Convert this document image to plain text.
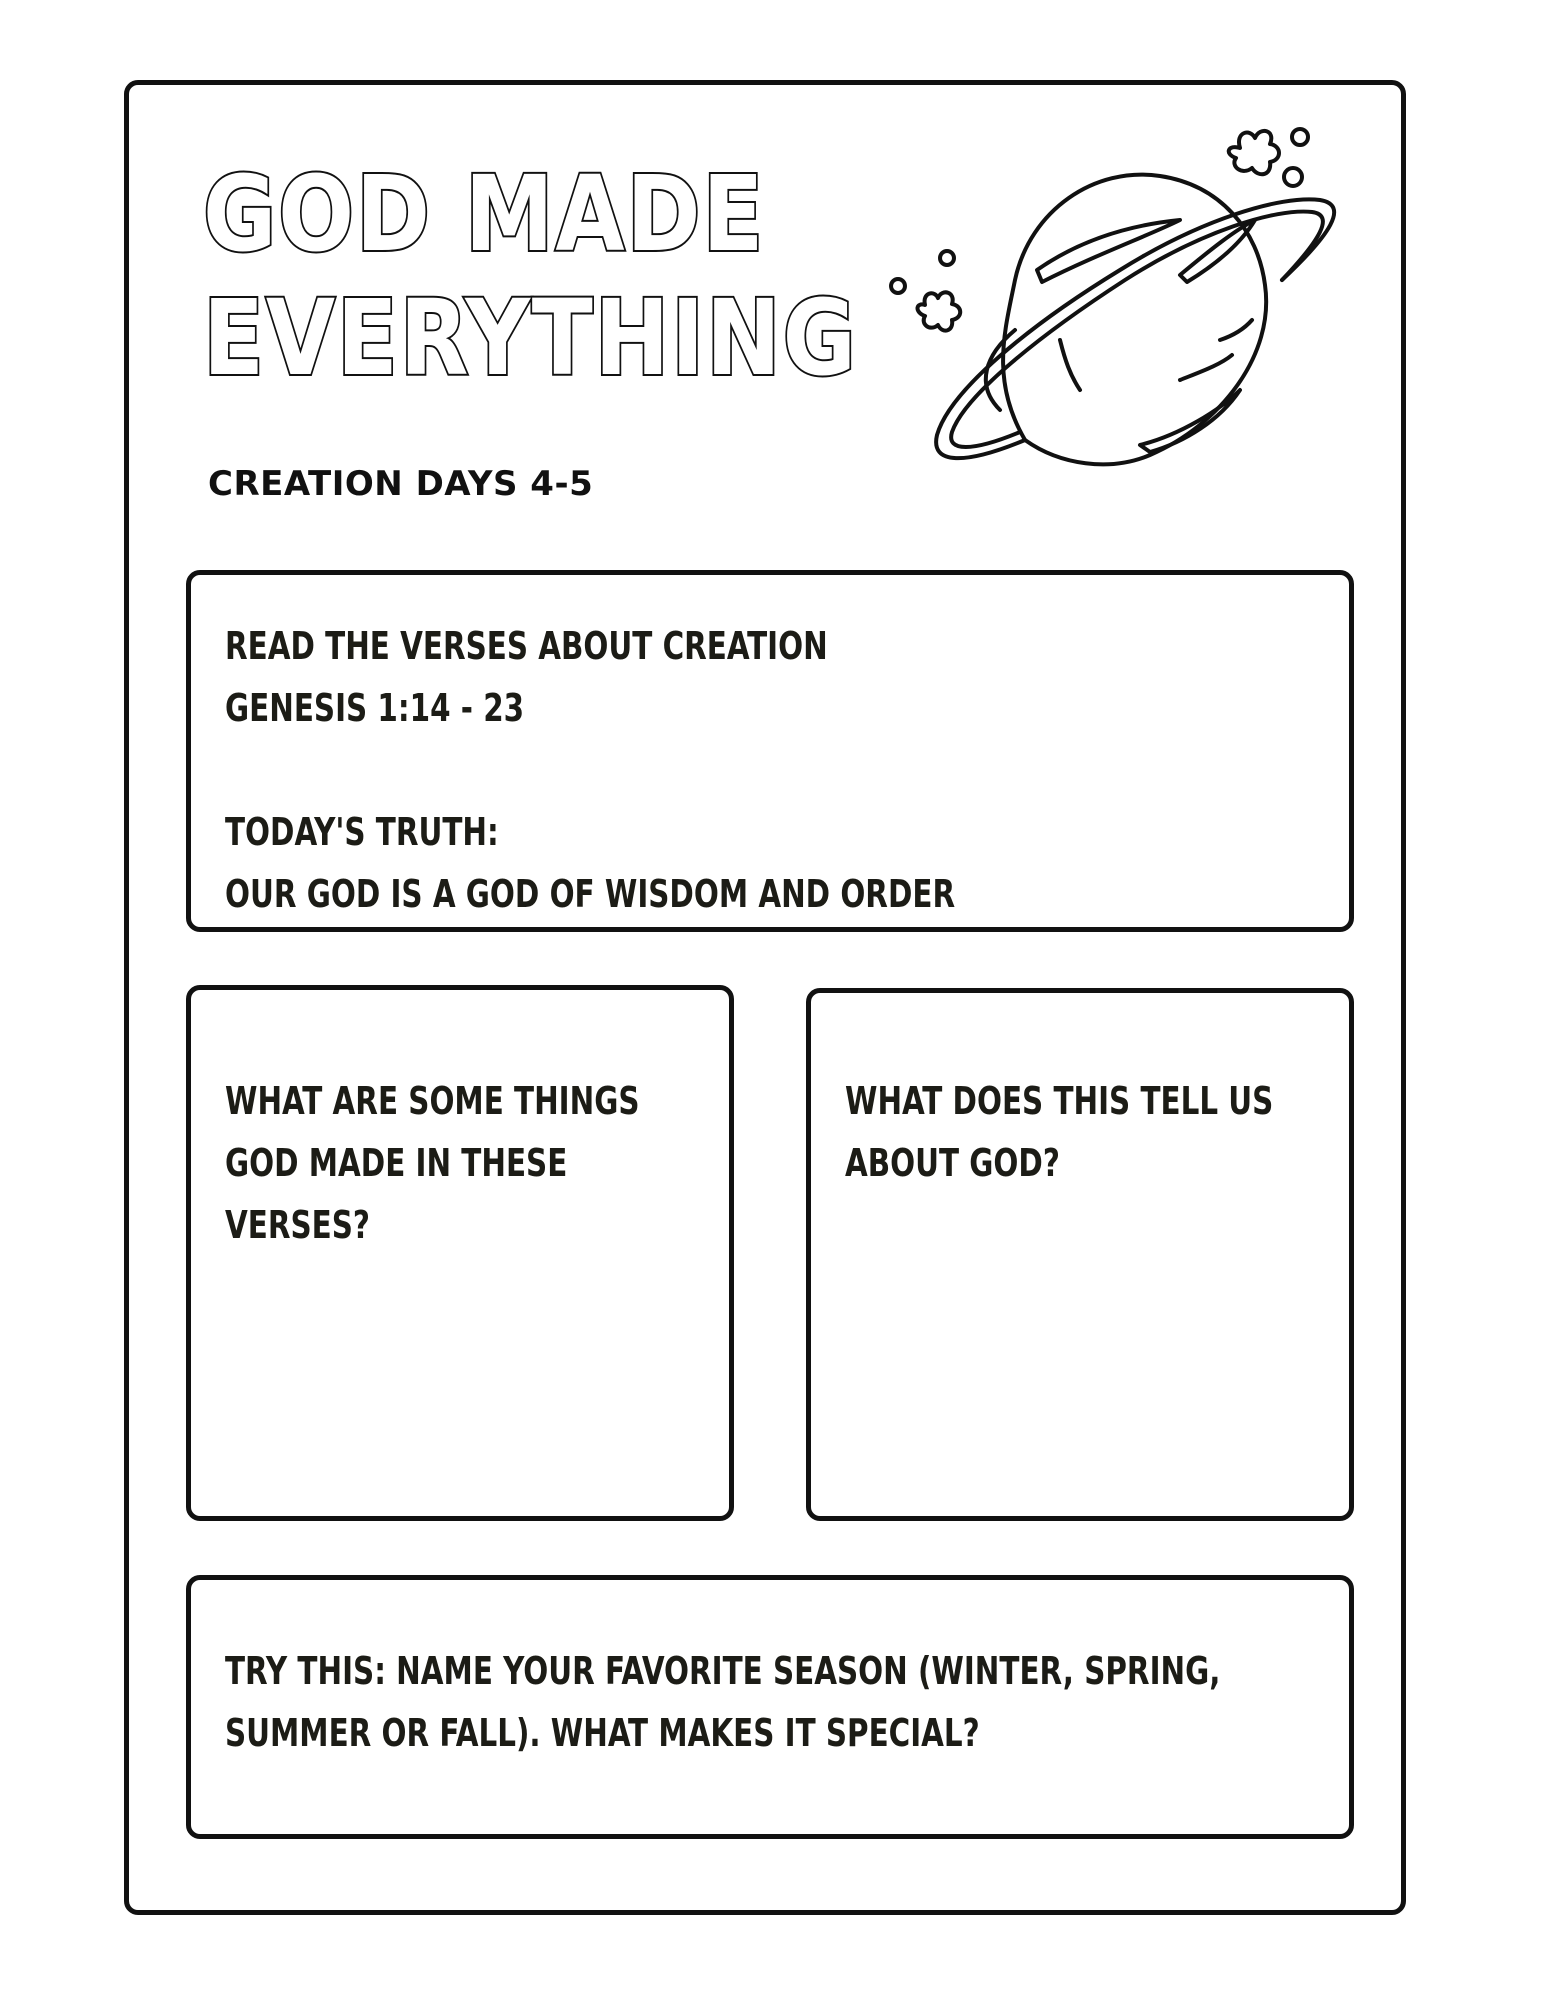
GOD MADE
EVERYTHING
CREATION DAYS 4-5
READ THE VERSES ABOUT CREATION
GENESIS 1:14 - 23
TODAY'S TRUTH:
OUR GOD IS A GOD OF WISDOM AND ORDER
WHAT ARE SOME THINGS
GOD MADE IN THESE
VERSES?
WHAT DOES THIS TELL US
ABOUT GOD?
TRY THIS: NAME YOUR FAVORITE SEASON (WINTER, SPRING,
SUMMER OR FALL). WHAT MAKES IT SPECIAL?
